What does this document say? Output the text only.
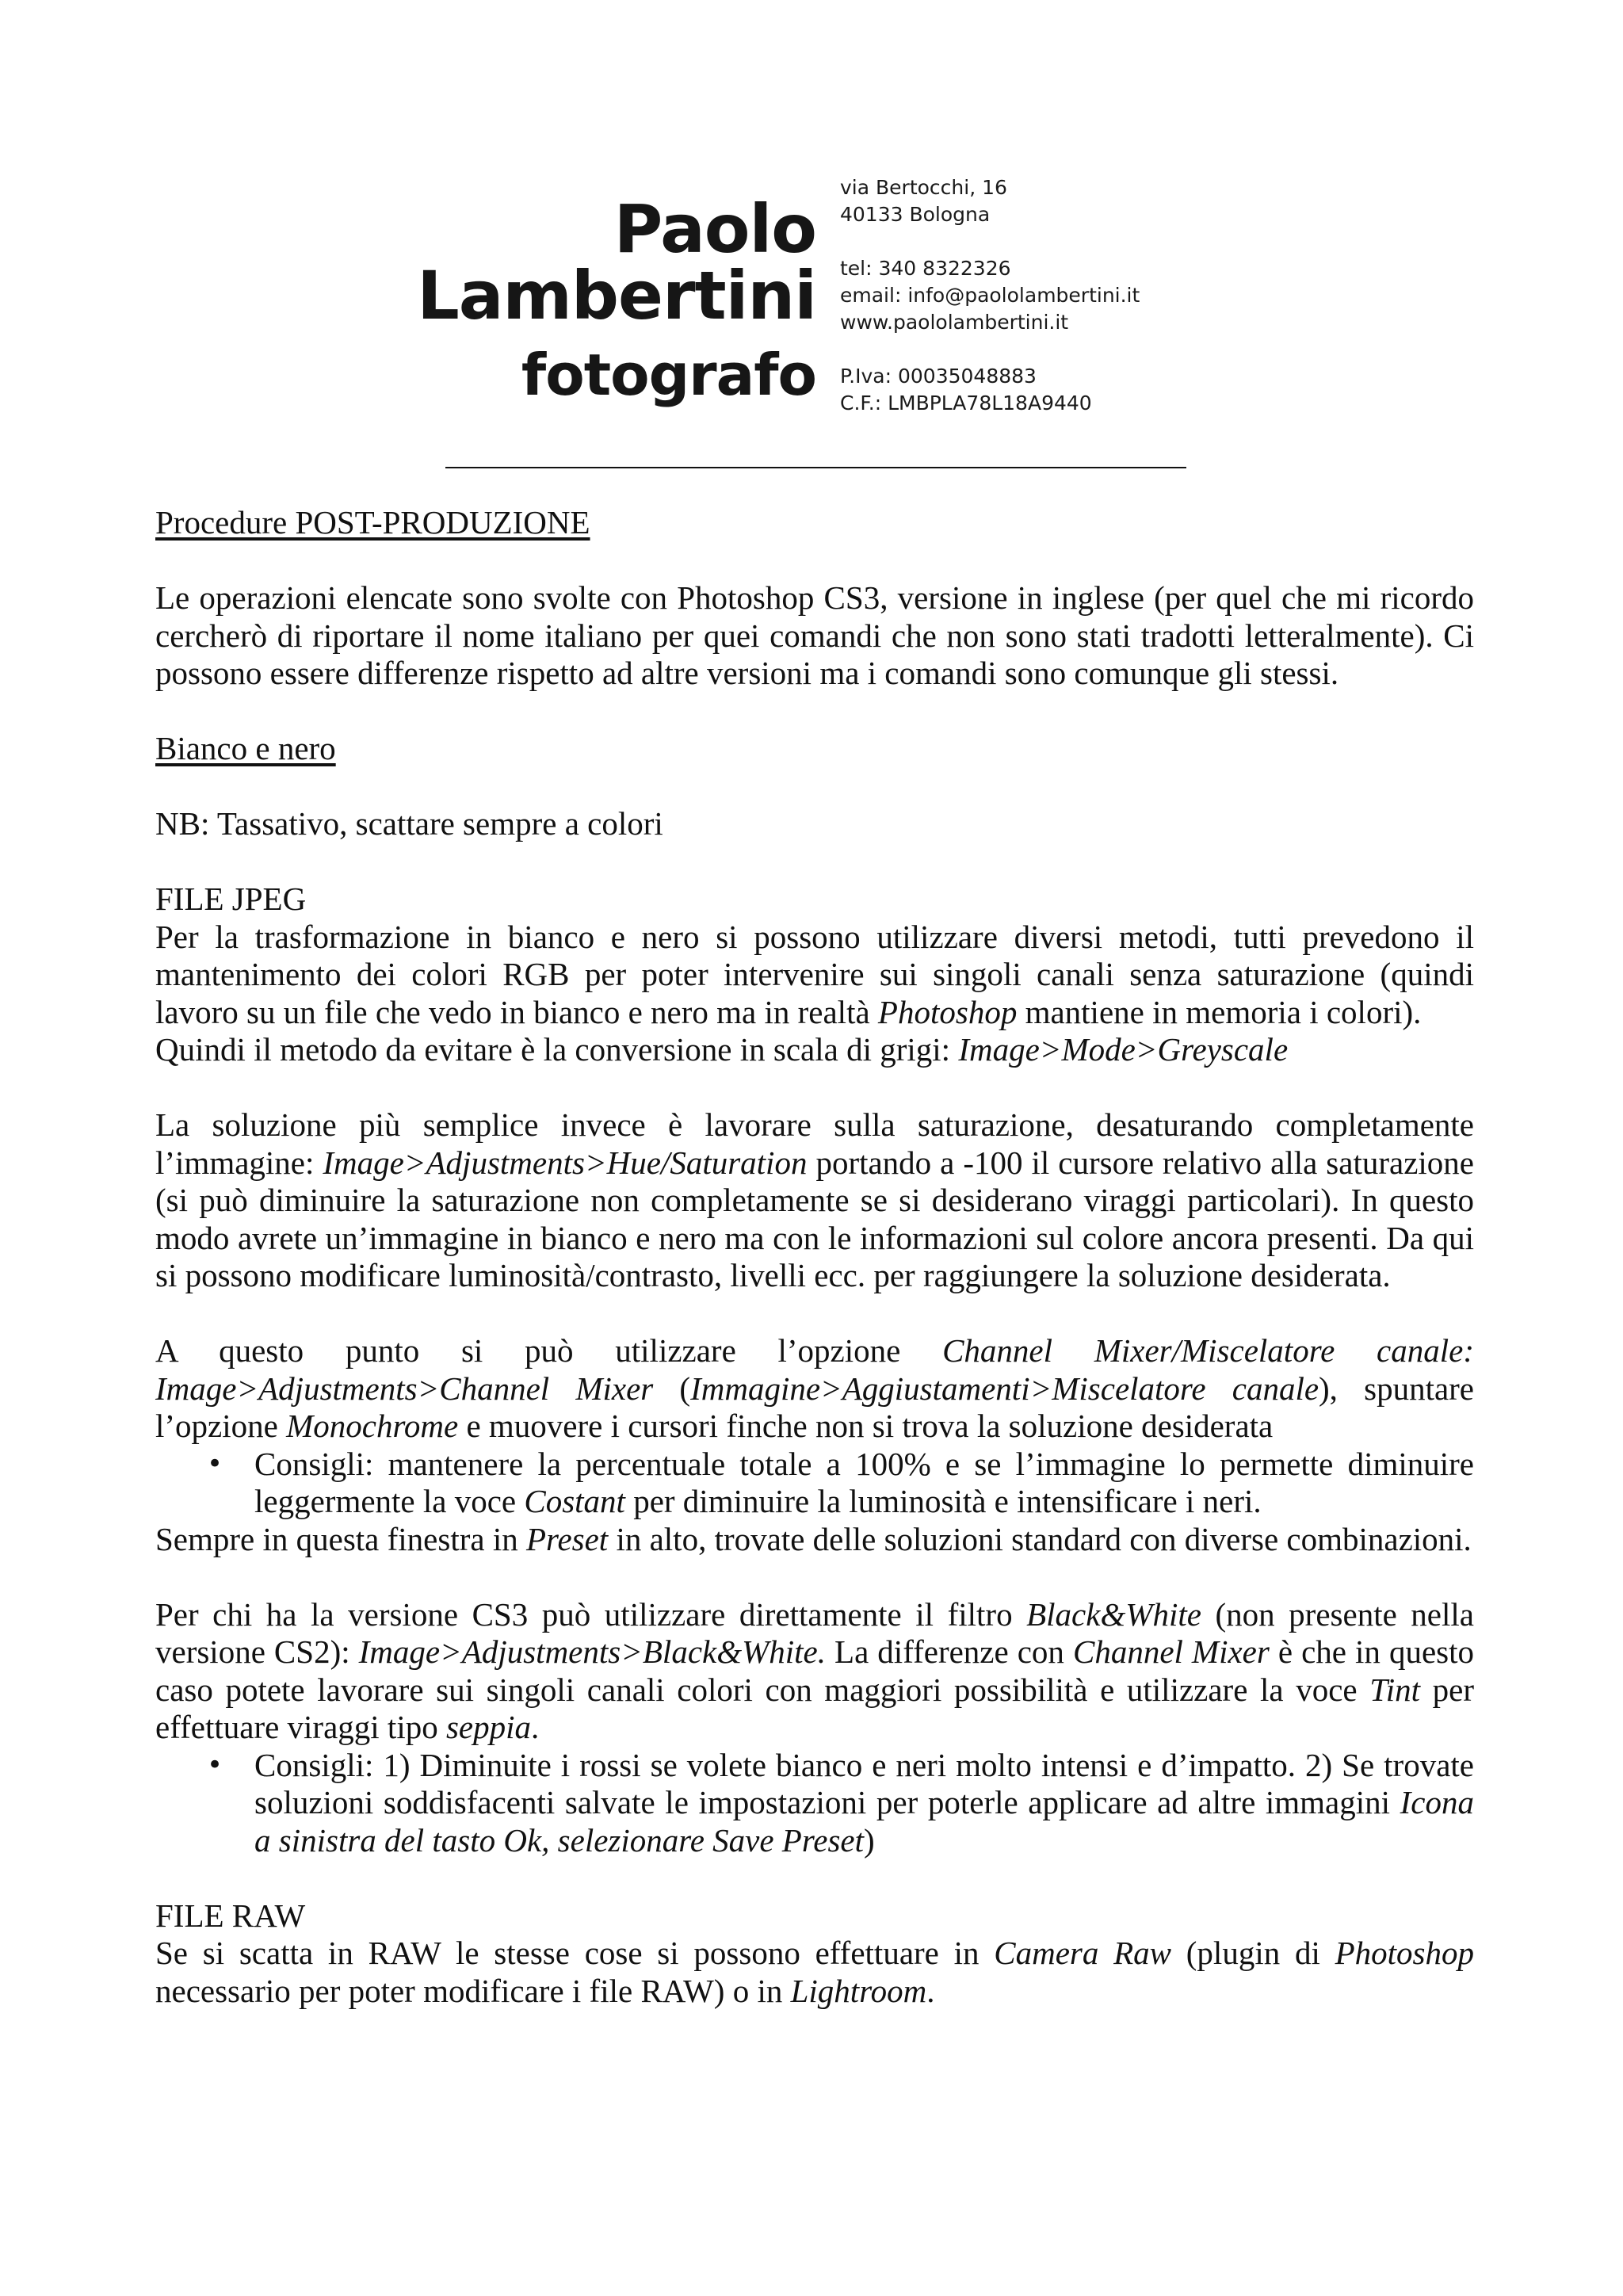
Paolo
Lambertini
fotografo
via Bertocchi, 16
40133 Bologna
tel: 340 8322326
email: info@paololambertini.it
www.paololambertini.it
P.Iva: 00035048883
C.F.: LMBPLA78L18A9440

Procedure POST-PRODUZIONE

Le operazioni elencate sono svolte con Photoshop CS3, versione in inglese (per quel che mi ricordo cercherò di riportare il nome italiano per quei comandi che non sono stati tradotti letteralmente). Ci possono essere differenze rispetto ad altre versioni ma i comandi sono comunque gli stessi.

Bianco e nero

NB: Tassativo, scattare sempre a colori

FILE JPEG

Per la trasformazione in bianco e nero si possono utilizzare diversi metodi, tutti prevedono il mantenimento dei colori RGB per poter intervenire sui singoli canali senza saturazione (quindi lavoro su un file che vedo in bianco e nero ma in realtà Photoshop mantiene in memoria i colori).

Quindi il metodo da evitare è la conversione in scala di grigi: Image>Mode>Greyscale

La soluzione più semplice invece è lavorare sulla saturazione, desaturando completamente l’immagine: Image>Adjustments>Hue/Saturation portando a -100 il cursore relativo alla saturazione (si può diminuire la saturazione non completamente se si desiderano viraggi particolari). In questo modo avrete un’immagine in bianco e nero ma con le informazioni sul colore ancora presenti. Da qui si possono modificare luminosità/contrasto, livelli ecc. per raggiungere la soluzione desiderata.

A questo punto si può utilizzare l’opzione Channel Mixer/Miscelatore canale: Image>Adjustments>Channel Mixer (Immagine>Aggiustamenti>Miscelatore canale), spuntare l’opzione Monochrome e muovere i cursori finche non si trova la soluzione desiderata

• Consigli: mantenere la percentuale totale a 100% e se l’immagine lo permette diminuire leggermente la voce Costant per diminuire la luminosità e intensificare i neri.

Sempre in questa finestra in Preset in alto, trovate delle soluzioni standard con diverse combinazioni.

Per chi ha la versione CS3 può utilizzare direttamente il filtro Black&White (non presente nella versione CS2): Image>Adjustments>Black&White. La differenze con Channel Mixer è che in questo caso potete lavorare sui singoli canali colori con maggiori possibilità e utilizzare la voce Tint per effettuare viraggi tipo seppia.

• Consigli: 1) Diminuite i rossi se volete bianco e neri molto intensi e d’impatto. 2) Se trovate soluzioni soddisfacenti salvate le impostazioni per poterle applicare ad altre immagini Icona a sinistra del tasto Ok, selezionare Save Preset)

FILE RAW

Se si scatta in RAW le stesse cose si possono effettuare in Camera Raw (plugin di Photoshop necessario per poter modificare i file RAW) o in Lightroom.
